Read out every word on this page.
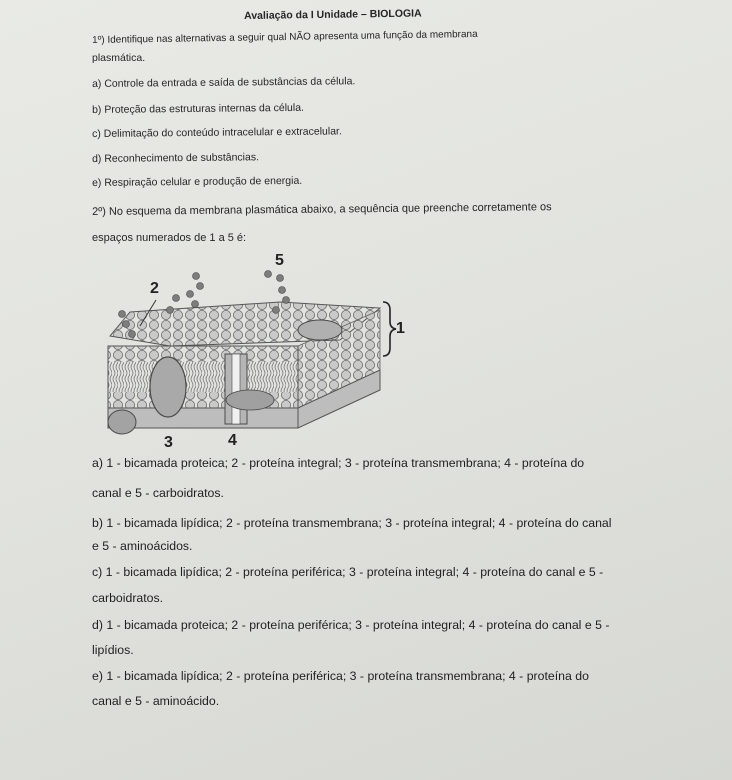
Avaliação da I Unidade – BIOLOGIA
1º) Identifique nas alternativas a seguir qual NÃO apresenta uma função da membrana
plasmática.
a) Controle da entrada e saída de substâncias da célula.
b) Proteção das estruturas internas da célula.
c) Delimitação do conteúdo intracelular e extracelular.
d) Reconhecimento de substâncias.
e) Respiração celular e produção de energia.
2º) No esquema da membrana plasmática abaixo, a sequência que preenche corretamente os
espaços numerados de 1 a 5 é:
2
5
1
3	4
a) 1 - bicamada proteica; 2 - proteína integral; 3 - proteína transmembrana; 4 - proteína do
canal e 5 - carboidratos.
b) 1 - bicamada lipídica; 2 - proteína transmembrana; 3 - proteína integral; 4 - proteína do canal
e 5 - aminoácidos.
c) 1 - bicamada lipídica; 2 - proteína periférica; 3 - proteína integral; 4 - proteína do canal e 5 -
carboidratos.
d) 1 - bicamada proteica; 2 - proteína periférica; 3 - proteína integral; 4 - proteína do canal e 5 -
lipídios.
e) 1 - bicamada lipídica; 2 - proteína periférica; 3 - proteína transmembrana; 4 - proteína do
canal e 5 - aminoácido.
